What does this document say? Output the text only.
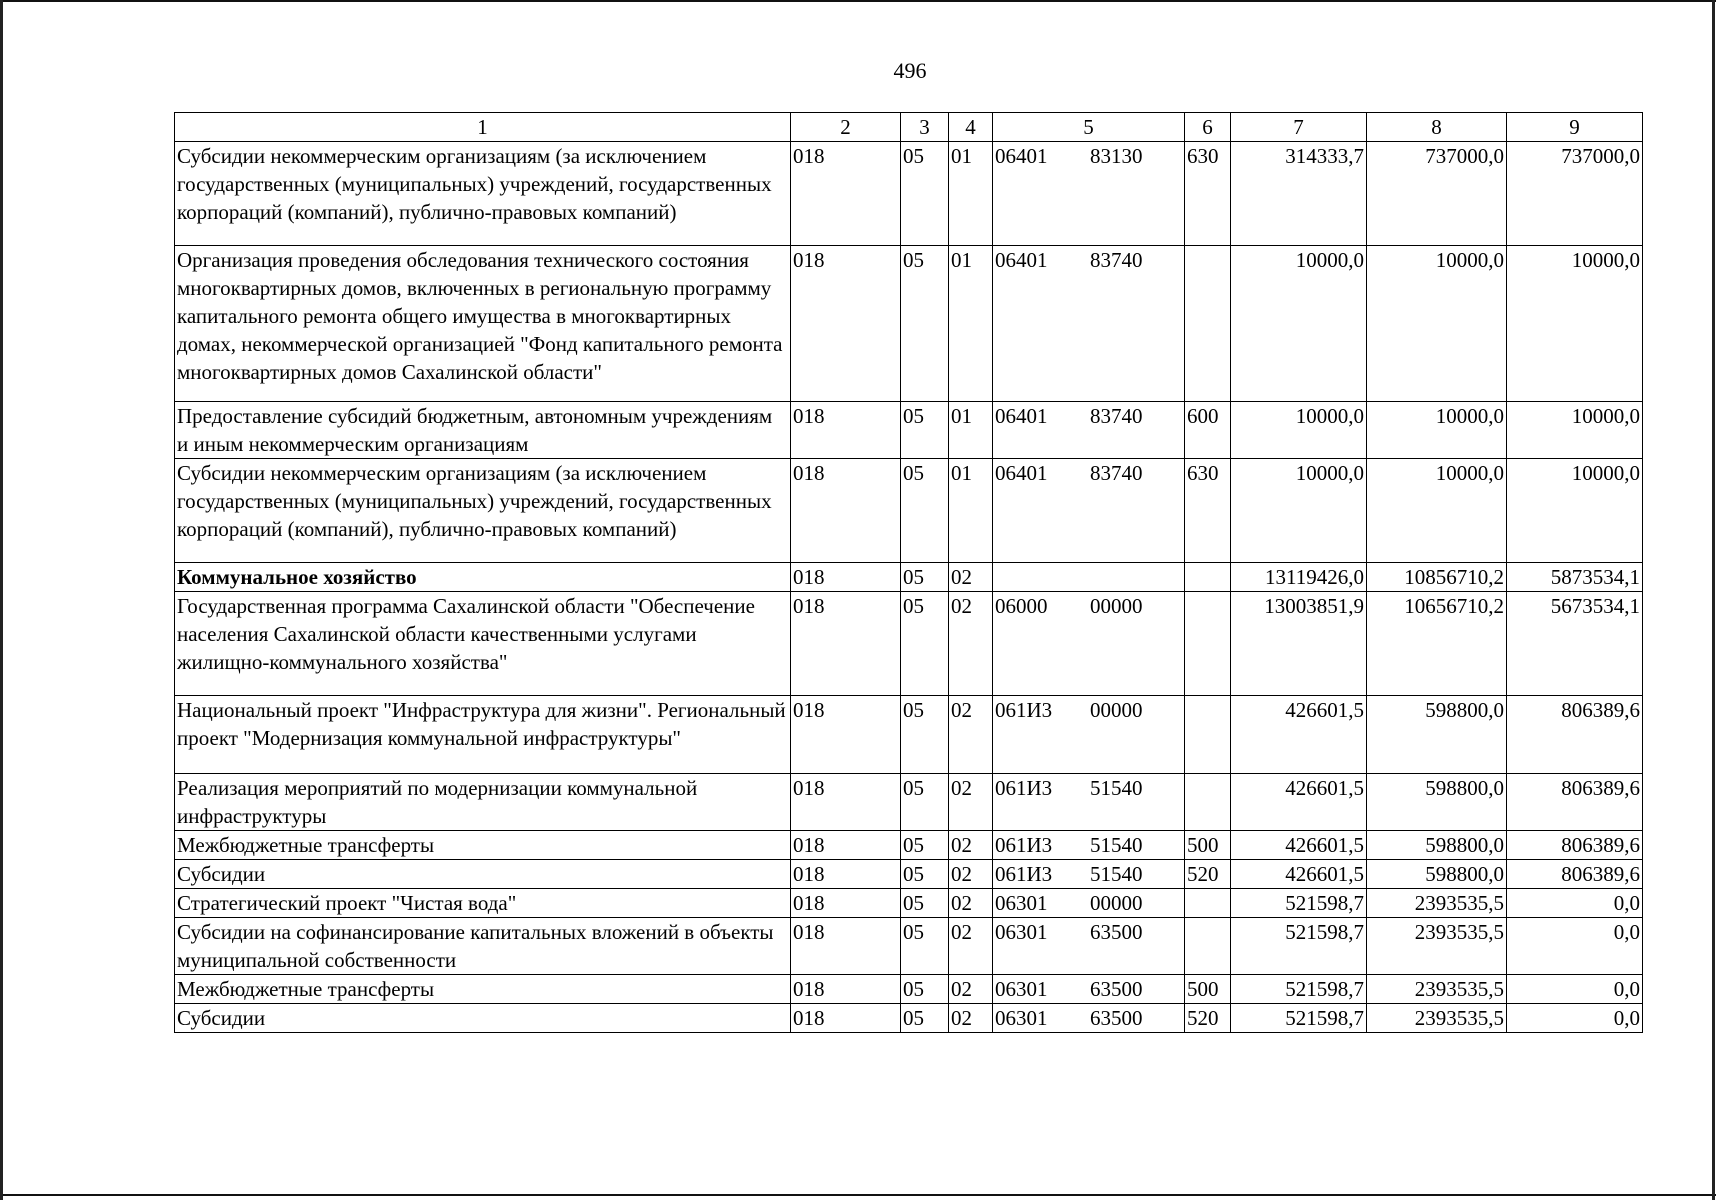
496
1	2	3	4	5	6	7	8	9
Субсидии некоммерческим организациям (за исключением государственных (муниципальных) учреждений, государственных корпораций (компаний), публично-правовых компаний)	018	05	01	06401 83130	630	314333,7	737000,0	737000,0
Организация проведения обследования технического состояния многоквартирных домов, включенных в региональную программу капитального ремонта общего имущества в многоквартирных домах, некоммерческой организацией "Фонд капитального ремонта многоквартирных домов Сахалинской области"	018	05	01	06401 83740		10000,0	10000,0	10000,0
Предоставление субсидий бюджетным, автономным учреждениям и иным некоммерческим организациям	018	05	01	06401 83740	600	10000,0	10000,0	10000,0
Субсидии некоммерческим организациям (за исключением государственных (муниципальных) учреждений, государственных корпораций (компаний), публично-правовых компаний)	018	05	01	06401 83740	630	10000,0	10000,0	10000,0
Коммунальное хозяйство	018	05	02			13119426,0	10856710,2	5873534,1
Государственная программа Сахалинской области "Обеспечение населения Сахалинской области качественными услугами жилищно-коммунального хозяйства"	018	05	02	06000 00000		13003851,9	10656710,2	5673534,1
Национальный проект "Инфраструктура для жизни". Региональный проект "Модернизация коммунальной инфраструктуры"	018	05	02	061И3 00000		426601,5	598800,0	806389,6
Реализация мероприятий по модернизации коммунальной инфраструктуры	018	05	02	061И3 51540		426601,5	598800,0	806389,6
Межбюджетные трансферты	018	05	02	061И3 51540	500	426601,5	598800,0	806389,6
Субсидии	018	05	02	061И3 51540	520	426601,5	598800,0	806389,6
Стратегический проект "Чистая вода"	018	05	02	06301 00000		521598,7	2393535,5	0,0
Субсидии на софинансирование капитальных вложений в объекты муниципальной собственности	018	05	02	06301 63500		521598,7	2393535,5	0,0
Межбюджетные трансферты	018	05	02	06301 63500	500	521598,7	2393535,5	0,0
Субсидии	018	05	02	06301 63500	520	521598,7	2393535,5	0,0
